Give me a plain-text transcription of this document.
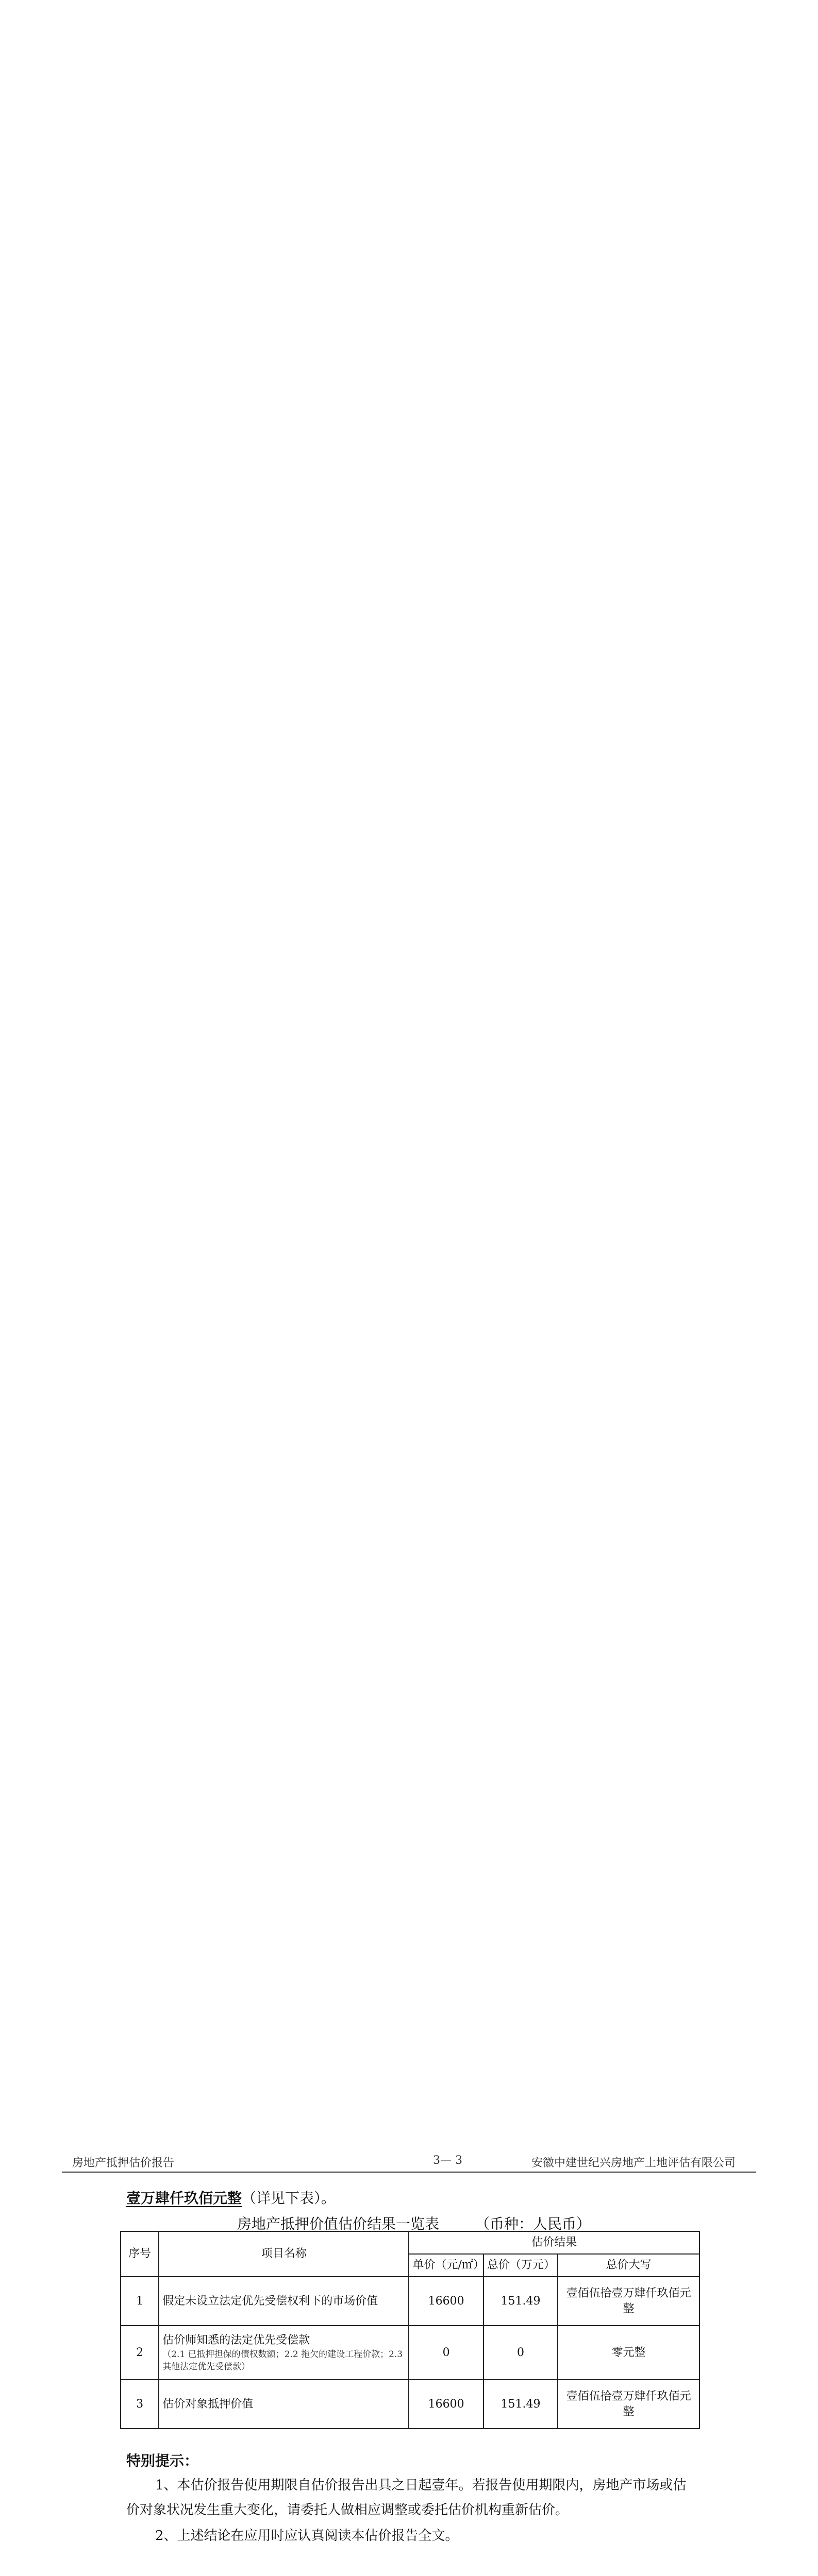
房地产抵押估价报告	3— 3	安徽中建世纪兴房地产土地评估有限公司
壹万肆仟玖佰元整（详见下表）。
房地产抵押价值估价结果一览表	（币种：人民币）
序号	项目名称	估价结果		
		单价（元/㎡）	总价（万元）	总价大写
1	假定未设立法定优先受偿权利下的市场价值	16600	151.49	壹佰伍拾壹万肆仟玖佰元整
2	估价师知悉的法定优先受偿款
（2.1 已抵押担保的债权数额；2.2 拖欠的建设工程价款；2.3 其他法定优先受偿款）	0	0	零元整
3	估价对象抵押价值	16600	151.49	壹佰伍拾壹万肆仟玖佰元整
特别提示：
1、本估价报告使用期限自估价报告出具之日起壹年。若报告使用期限内，房地产市场或估价对象状况发生重大变化，请委托人做相应调整或委托估价机构重新估价。
2、上述结论在应用时应认真阅读本估价报告全文。
